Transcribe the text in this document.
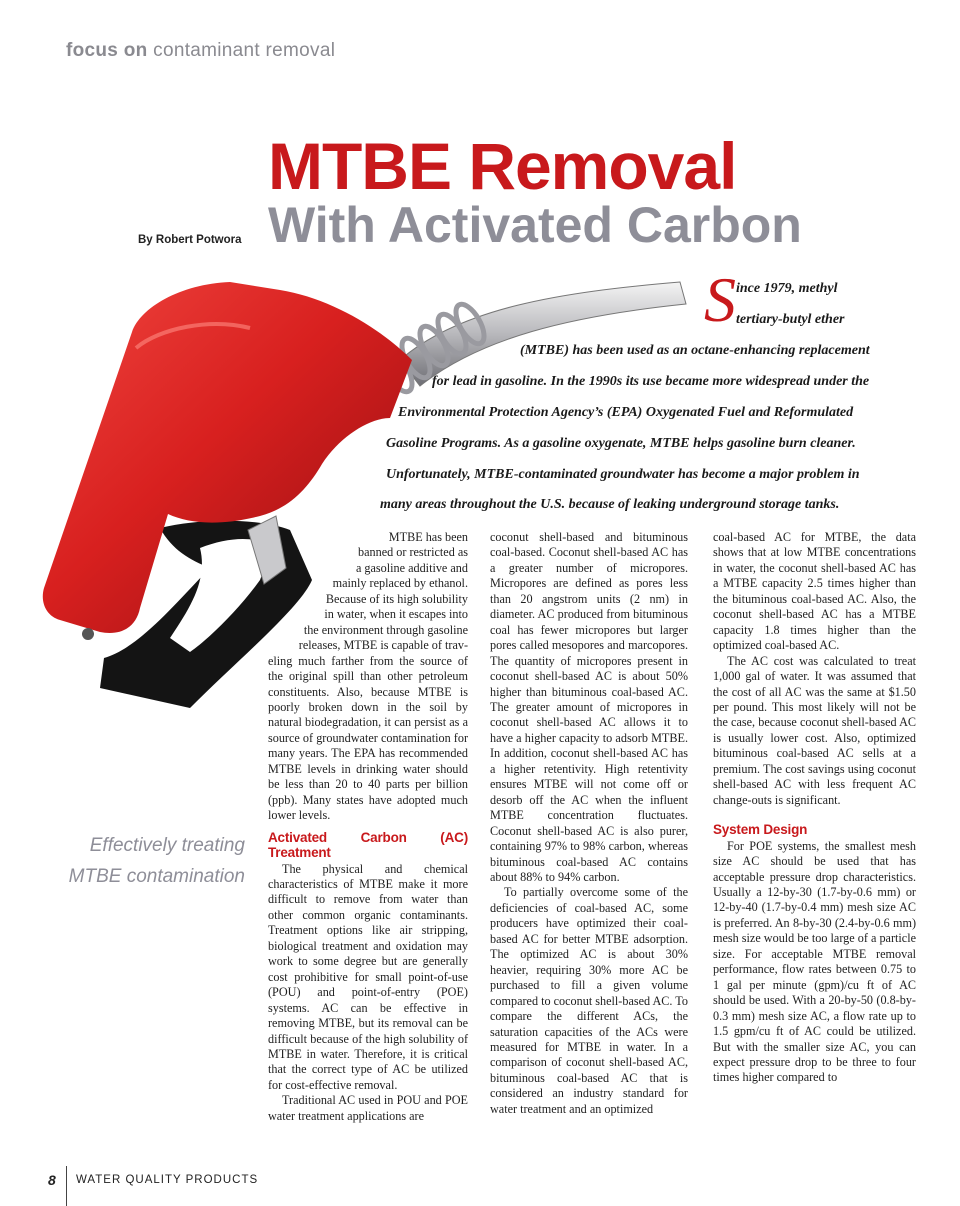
focus on contaminant removal
MTBE Removal
With Activated Carbon
By Robert Potwora
S ince 1979, methyl
tertiary-butyl ether
(MTBE) has been used as an octane-enhancing replacement
for lead in gasoline. In the 1990s its use became more widespread under the
Environmental Protection Agency’s (EPA) Oxygenated Fuel and Reformulated
Gasoline Programs. As a gasoline oxygenate, MTBE helps gasoline burn cleaner.
Unfortunately, MTBE-contaminated groundwater has become a major problem in
many areas throughout the U.S. because of leaking underground storage tanks.
Effectively treating
MTBE contamination
MTBE has been
banned or restricted as
a gasoline additive and
mainly replaced by ethanol.
Because of its high solubility
in water, when it escapes into
the environment through gasoline
releases, MTBE is capable of trav-

eling much farther from the source of the original spill than other petroleum constituents. Also, because MTBE is poorly broken down in the soil by natural biodegradation, it can persist as a source of groundwater contamination for many years. The EPA has recommended MTBE levels in drinking water should be less than 20 to 40 parts per billion (ppb). Many states have adopted much lower levels.

Activated Carbon (AC) Treatment

The physical and chemical characteristics of MTBE make it more difficult to remove from water than other common organic contaminants. Treatment options like air stripping, biological treatment and oxidation may work to some degree but are generally cost prohibitive for small point-of-use (POU) and point-of-entry (POE) systems. AC can be effective in removing MTBE, but its removal can be difficult because of the high solubility of MTBE in water. Therefore, it is critical that the correct type of AC be utilized for cost-effective removal.

Traditional AC used in POU and POE water treatment applications are

coconut shell-based and bituminous coal-based. Coconut shell-based AC has a greater number of micropores. Micropores are defined as pores less than 20 angstrom units (2 nm) in diameter. AC produced from bituminous coal has fewer micropores but larger pores called mesopores and marcopores. The quantity of micropores present in coconut shell-based AC is about 50% higher than bituminous coal-based AC. The greater amount of micropores in coconut shell-based AC allows it to have a higher capacity to adsorb MTBE. In addition, coconut shell-based AC has a higher retentivity. High retentivity ensures MTBE will not come off or desorb off the AC when the influent MTBE concentration fluctuates. Coconut shell-based AC is also purer, containing 97% to 98% carbon, whereas bituminous coal-based AC contains about 88% to 94% carbon.

To partially overcome some of the deficiencies of coal-based AC, some producers have optimized their coal-based AC for better MTBE adsorption. The optimized AC is about 30% heavier, requiring 30% more AC be purchased to fill a given volume compared to coconut shell-based AC. To compare the different ACs, the saturation capacities of the ACs were measured for MTBE in water. In a comparison of coconut shell-based AC, bituminous coal-based AC that is considered an industry standard for water treatment and an optimized

coal-based AC for MTBE, the data shows that at low MTBE concentrations in water, the coconut shell-based AC has a MTBE capacity 2.5 times higher than the bituminous coal-based AC. Also, the coconut shell-based AC has a MTBE capacity 1.8 times higher than the optimized coal-based AC.

The AC cost was calculated to treat 1,000 gal of water. It was assumed that the cost of all AC was the same at $1.50 per pound. This most likely will not be the case, because coconut shell-based AC is usually lower cost. Also, optimized bituminous coal-based AC sells at a premium. The cost savings using coconut shell-based AC with less frequent AC change-outs is significant.

System Design

For POE systems, the smallest mesh size AC should be used that has acceptable pressure drop characteristics. Usually a 12-by-30 (1.7-by-0.6 mm) or 12-by-40 (1.7-by-0.4 mm) mesh size AC is preferred. An 8-by-30 (2.4-by-0.6 mm) mesh size would be too large of a particle size. For acceptable MTBE removal performance, flow rates between 0.75 to 1 gal per minute (gpm)/cu ft of AC should be used. With a 20-by-50 (0.8-by-0.3 mm) mesh size AC, a flow rate up to 1.5 gpm/cu ft of AC could be utilized. But with the smaller size AC, you can expect pressure drop to be three to four times higher compared to

8 WATER QUALITY PRODUCTS
